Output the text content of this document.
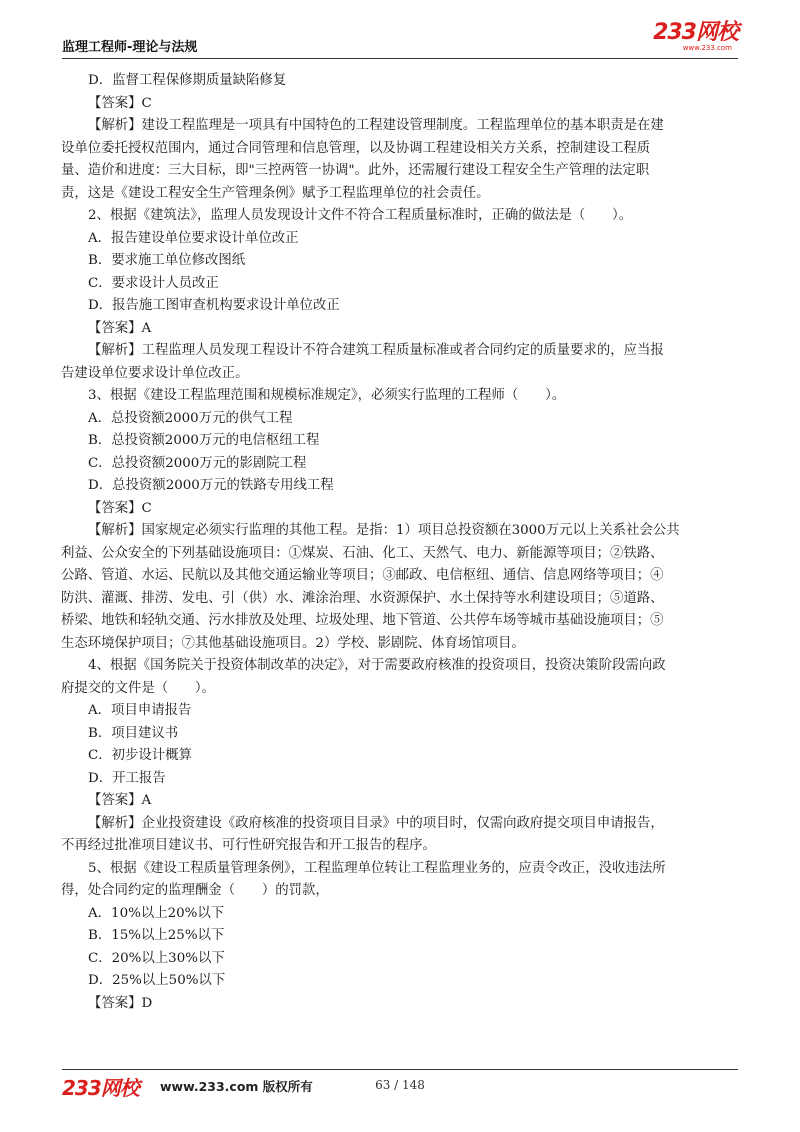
监理工程师-理论与法规
233网校
www.233.com
D．监督工程保修期质量缺陷修复
【答案】C
【解析】建设工程监理是一项具有中国特色的工程建设管理制度。工程监理单位的基本职责是在建
设单位委托授权范围内，通过合同管理和信息管理，以及协调工程建设相关方关系，控制建设工程质
量、造价和进度：三大目标，即"三控两管一协调"。此外，还需履行建设工程安全生产管理的法定职
责，这是《建设工程安全生产管理条例》赋予工程监理单位的社会责任。
2、根据《建筑法》，监理人员发现设计文件不符合工程质量标准时，正确的做法是（　　）。
A．报告建设单位要求设计单位改正
B．要求施工单位修改图纸
C．要求设计人员改正
D．报告施工图审查机构要求设计单位改正
【答案】A
【解析】工程监理人员发现工程设计不符合建筑工程质量标准或者合同约定的质量要求的，应当报
告建设单位要求设计单位改正。
3、根据《建设工程监理范围和规模标准规定》，必须实行监理的工程师（　　）。
A．总投资额2000万元的供气工程
B．总投资额2000万元的电信枢纽工程
C．总投资额2000万元的影剧院工程
D．总投资额2000万元的铁路专用线工程
【答案】C
【解析】国家规定必须实行监理的其他工程。是指：1）项目总投资额在3000万元以上关系社会公共
利益、公众安全的下列基础设施项目：①煤炭、石油、化工、天然气、电力、新能源等项目；②铁路、
公路、管道、水运、民航以及其他交通运输业等项目；③邮政、电信枢纽、通信、信息网络等项目；④
防洪、灌溉、排涝、发电、引（供）水、滩涂治理、水资源保护、水土保持等水利建设项目；⑤道路、
桥梁、地铁和轻轨交通、污水排放及处理、垃圾处理、地下管道、公共停车场等城市基础设施项目；⑤
生态环境保护项目；⑦其他基础设施项目。2）学校、影剧院、体育场馆项目。
4、根据《国务院关于投资体制改革的决定》，对于需要政府核准的投资项目，投资决策阶段需向政
府提交的文件是（　　）。
A．项目申请报告
B．项目建议书
C．初步设计概算
D．开工报告
【答案】A
【解析】企业投资建设《政府核准的投资项目目录》中的项目时，仅需向政府提交项目申请报告，
不再经过批准项目建议书、可行性研究报告和开工报告的程序。
5、根据《建设工程质量管理条例》，工程监理单位转让工程监理业务的，应责令改正，没收违法所
得，处合同约定的监理酬金（　　）的罚款，
A．10%以上20%以下
B．15%以上25%以下
C．20%以上30%以下
D．25%以上50%以下
【答案】D
233网校 www.233.com 版权所有	63 / 148
